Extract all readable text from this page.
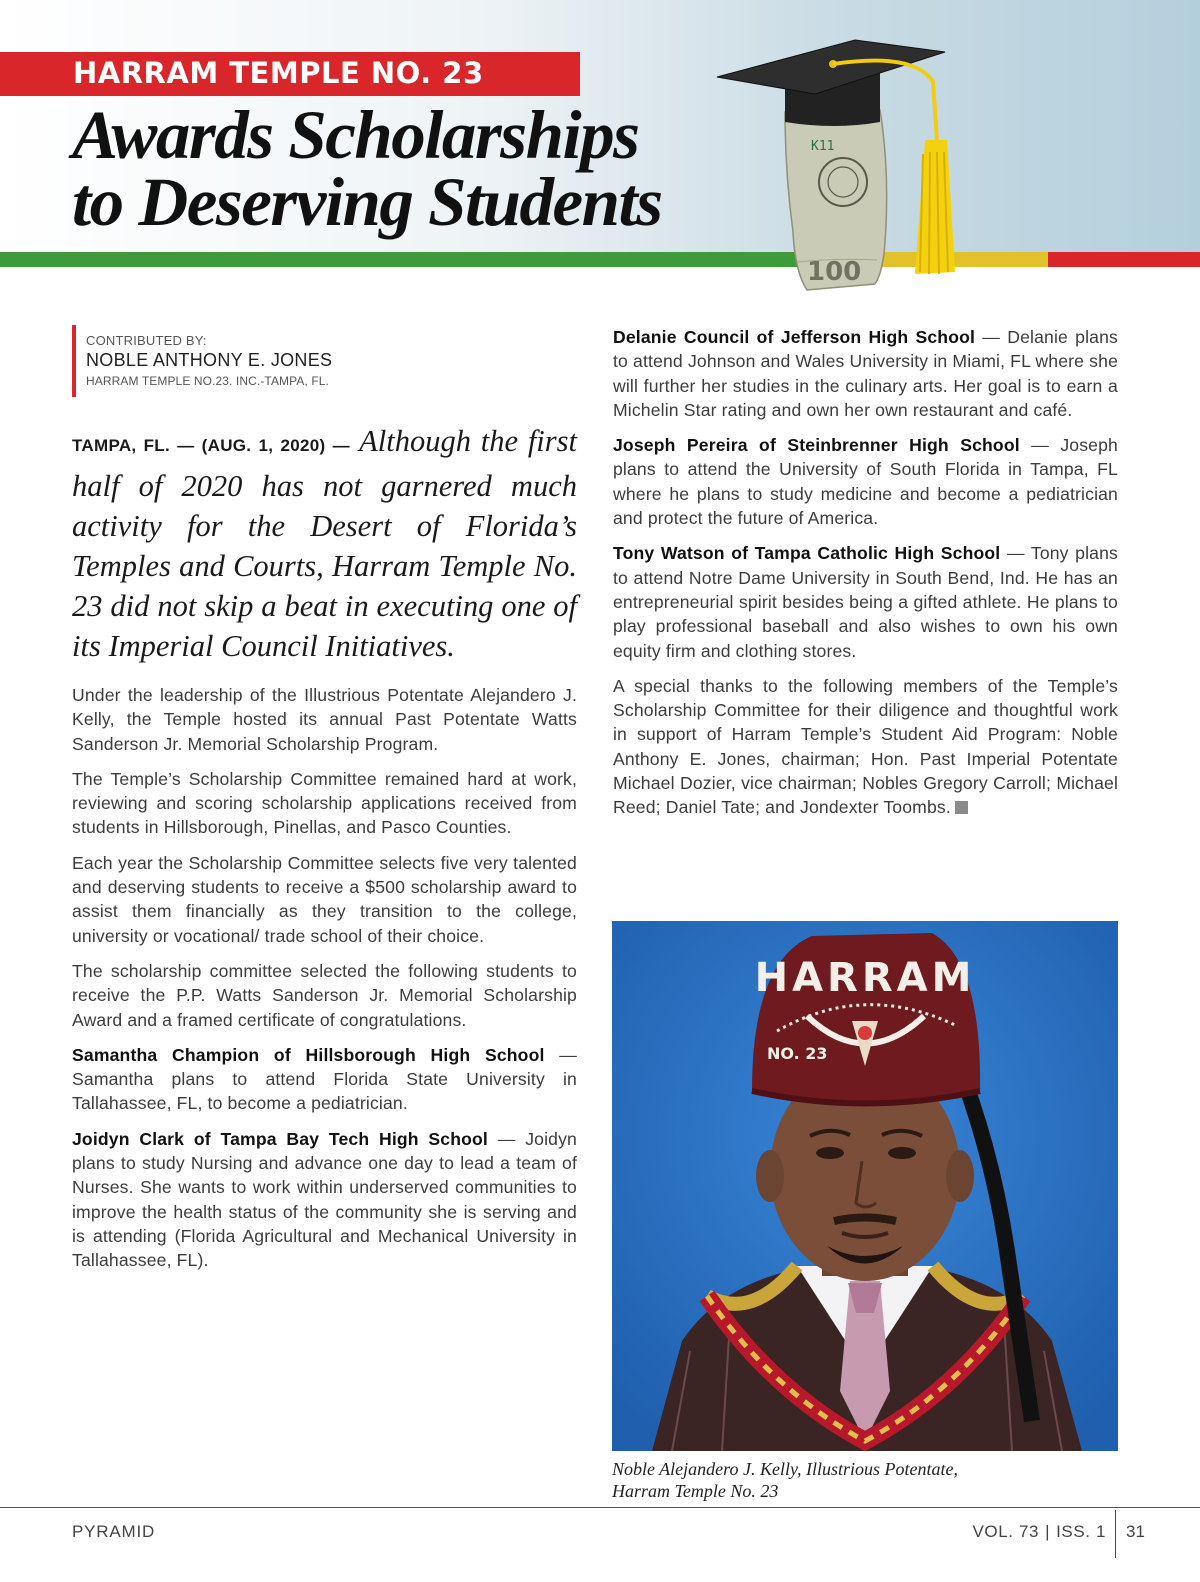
HARRAM TEMPLE NO. 23
Awards Scholarships
to Deserving Students
K11
100
CONTRIBUTED BY:
NOBLE ANTHONY E. JONES
HARRAM TEMPLE NO.23. INC.-TAMPA, FL.

TAMPA, FL. — (AUG. 1, 2020) — Although the first half of 2020 has not garnered much activity for the Desert of Florida’s Temples and Courts, Harram Temple No. 23 did not skip a beat in executing one of its Imperial Council Initiatives.

Under the leadership of the Illustrious Potentate Alejandero J. Kelly, the Temple hosted its annual Past Potentate Watts Sanderson Jr. Memorial Scholarship Program.

The Temple’s Scholarship Committee remained hard at work, reviewing and scoring scholarship applications received from students in Hillsborough, Pinellas, and Pasco Counties.

Each year the Scholarship Committee selects five very talented and deserving students to receive a $500 scholarship award to assist them financially as they transition to the college, university or vocational/ trade school of their choice.

The scholarship committee selected the following students to receive the P.P. Watts Sanderson Jr. Memorial Scholarship Award and a framed certificate of congratulations.

Samantha Champion of Hillsborough High School — Samantha plans to attend Florida State University in Tallahassee, FL, to become a pediatrician.

Joidyn Clark of Tampa Bay Tech High School — Joidyn plans to study Nursing and advance one day to lead a team of Nurses. She wants to work within underserved communities to improve the health status of the community she is serving and is attending (Florida Agricultural and Mechanical University in Tallahassee, FL).

Delanie Council of Jefferson High School — Delanie plans to attend Johnson and Wales University in Miami, FL where she will further her studies in the culinary arts. Her goal is to earn a Michelin Star rating and own her own restaurant and café.

Joseph Pereira of Steinbrenner High School — Joseph plans to attend the University of South Florida in Tampa, FL where he plans to study medicine and become a pediatrician and protect the future of America.

Tony Watson of Tampa Catholic High School — Tony plans to attend Notre Dame University in South Bend, Ind. He has an entrepreneurial spirit besides being a gifted athlete. He plans to play professional baseball and also wishes to own his own equity firm and clothing stores.

A special thanks to the following members of the Temple’s Scholarship Committee for their diligence and thoughtful work in support of Harram Temple’s Student Aid Program: Noble Anthony E. Jones, chairman; Hon. Past Imperial Potentate Michael Dozier, vice chairman; Nobles Gregory Carroll; Michael Reed; Daniel Tate; and Jondexter Toombs.

HARRAM
NO. 23
Noble Alejandero J. Kelly, Illustrious Potentate,
Harram Temple No. 23
PYRAMID	VOL. 73 | ISS. 1 31
